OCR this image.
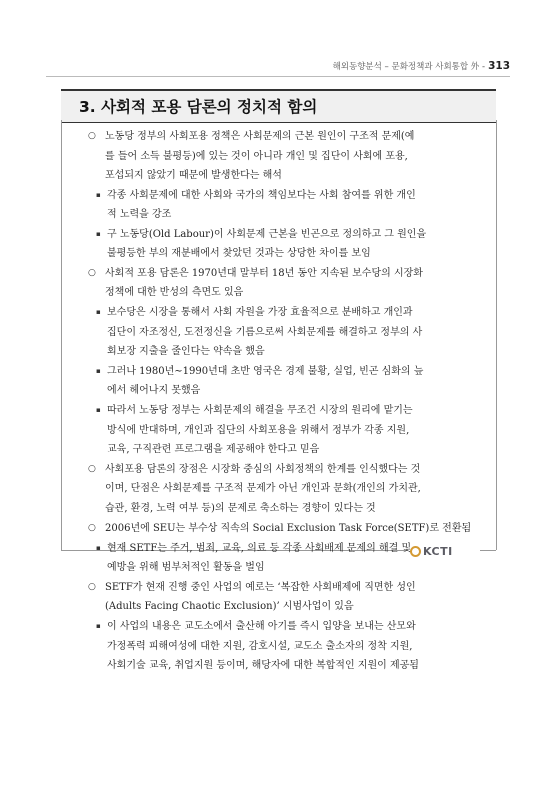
해외동향분석 – 문화정책과 사회통합 外 - 313
3. 사회적 포용 담론의 정치적 함의
KCTI
○
▪
▪
○
▪
▪
▪
○
○
▪
○
▪
노동당 정부의 사회포용 정책은 사회문제의 근본 원인이 구조적 문제(예
를 들어 소득 불평등)에 있는 것이 아니라 개인 및 집단이 사회에 포용,
포섭되지 않았기 때문에 발생한다는 해석
각종 사회문제에 대한 사회와 국가의 책임보다는 사회 참여를 위한 개인
적 노력을 강조
구 노동당(Old Labour)이 사회문제 근본을 빈곤으로 정의하고 그 원인을
불평등한 부의 재분배에서 찾았던 것과는 상당한 차이를 보임
사회적 포용 담론은 1970년대 말부터 18년 동안 지속된 보수당의 시장화
정책에 대한 반성의 측면도 있음
보수당은 시장을 통해서 사회 자원을 가장 효율적으로 분배하고 개인과
집단이 자조정신, 도전정신을 기름으로써 사회문제를 해결하고 정부의 사
회보장 지출을 줄인다는 약속을 했음
그러나 1980년∼1990년대 초반 영국은 경제 불황, 실업, 빈곤 심화의 늪
에서 헤어나지 못했음
따라서 노동당 정부는 사회문제의 해결을 무조건 시장의 원리에 맡기는
방식에 반대하며, 개인과 집단의 사회포용을 위해서 정부가 각종 지원,
교육, 구직관련 프로그램을 제공해야 한다고 믿음
사회포용 담론의 장점은 시장화 중심의 사회정책의 한계를 인식했다는 것
이며, 단점은 사회문제를 구조적 문제가 아닌 개인과 문화(개인의 가치관,
습관, 환경, 노력 여부 등)의 문제로 축소하는 경향이 있다는 것
2006년에 SEU는 부수상 직속의 Social Exclusion Task Force(SETF)로 전환됨
현재 SETF는 주거, 범죄, 교육, 의료 등 각종 사회배제 문제의 해결 및
예방을 위해 범부처적인 활동을 벌임
SETF가 현재 진행 중인 사업의 예로는 ‘복잡한 사회배제에 직면한 성인
(Adults Facing Chaotic Exclusion)’ 시범사업이 있음
이 사업의 내용은 교도소에서 출산해 아기를 즉시 입양을 보내는 산모와
가정폭력 피해여성에 대한 지원, 감호시설, 교도소 출소자의 정착 지원,
사회기술 교육, 취업지원 등이며, 해당자에 대한 복합적인 지원이 제공됨
